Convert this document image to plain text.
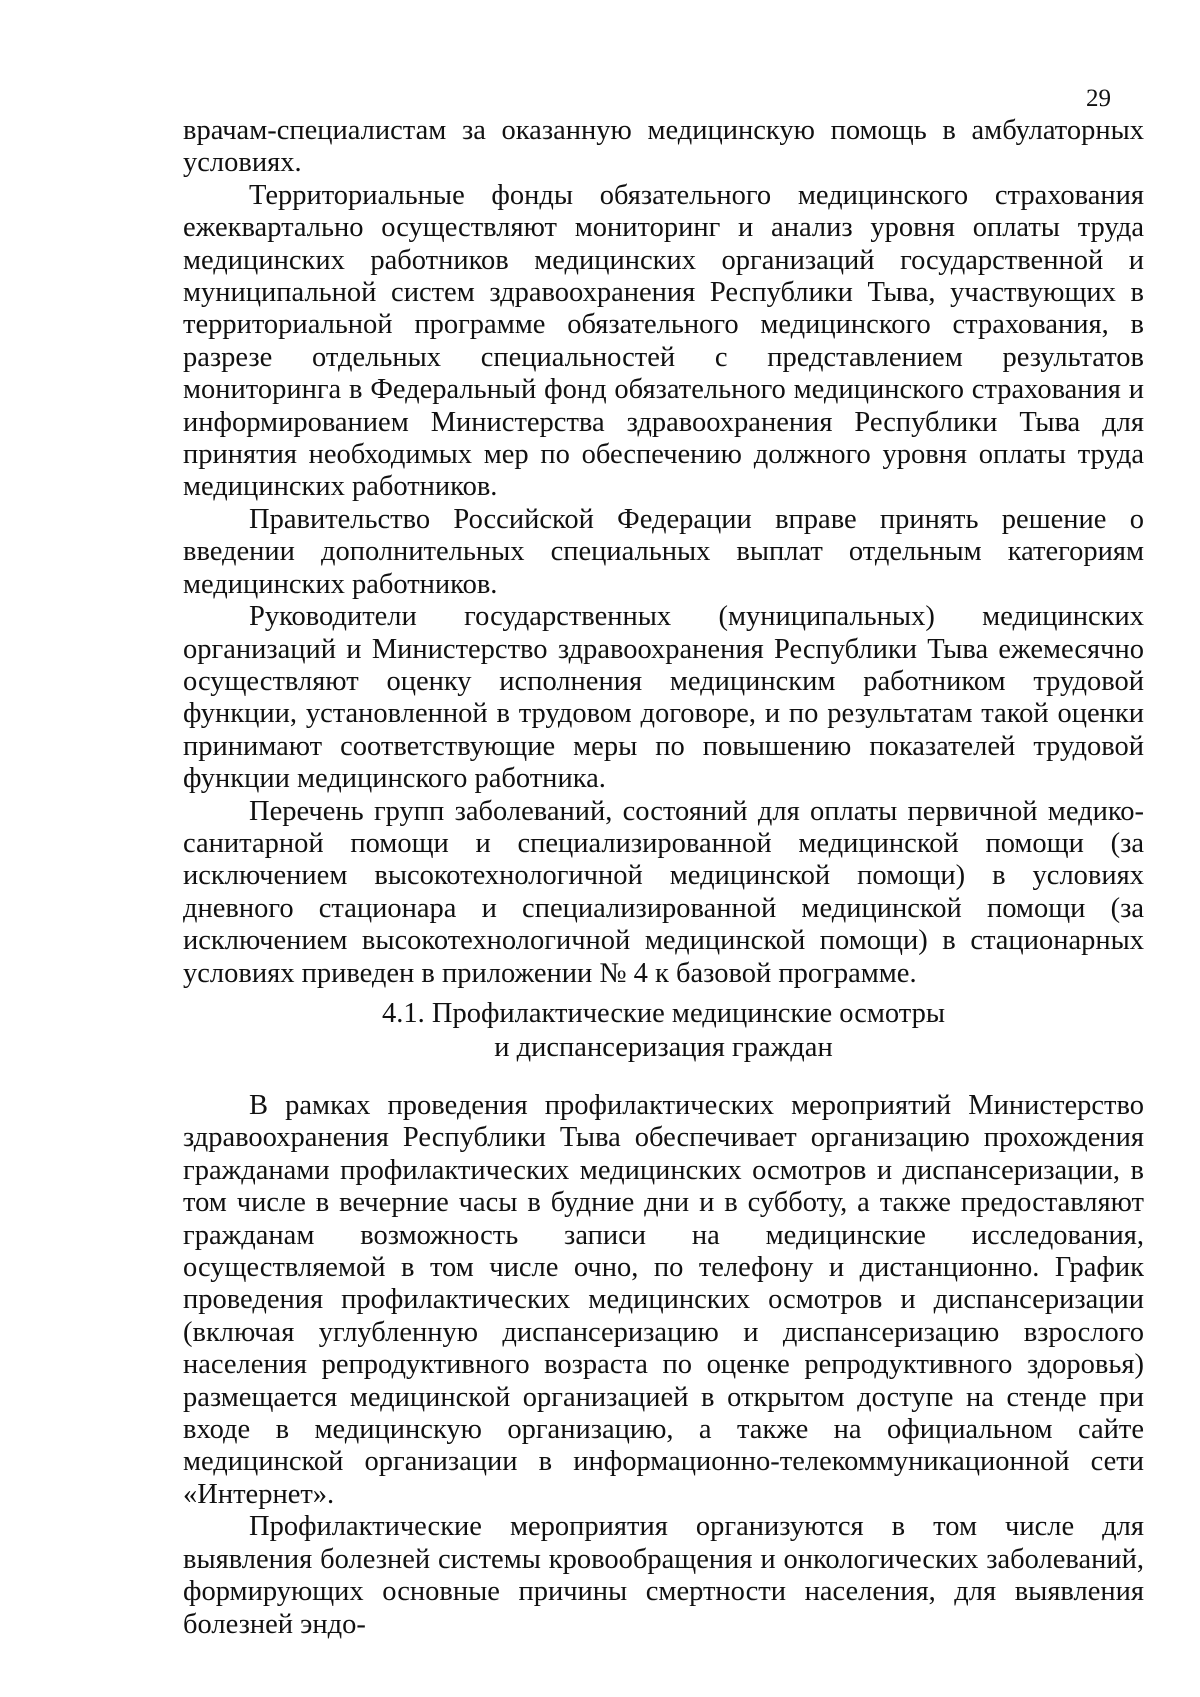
29

врачам-специалистам за оказанную медицинскую помощь в амбулаторных условиях.

Территориальные фонды обязательного медицинского страхования ежеквартально осуществляют мониторинг и анализ уровня оплаты труда медицинских работников медицинских организаций государственной и муниципальной систем здравоохранения Республики Тыва, участвующих в территориальной программе обязательного медицинского страхования, в разрезе отдельных специальностей с представлением результатов мониторинга в Федеральный фонд обязательного медицинского страхования и информированием Министерства здравоохранения Республики Тыва для принятия необходимых мер по обеспечению должного уровня оплаты труда медицинских работников.

Правительство Российской Федерации вправе принять решение о введении дополнительных специальных выплат отдельным категориям медицинских работников.

Руководители государственных (муниципальных) медицинских организаций и Министерство здравоохранения Республики Тыва ежемесячно осуществляют оценку исполнения медицинским работником трудовой функции, установленной в трудовом договоре, и по результатам такой оценки принимают соответствующие меры по повышению показателей трудовой функции медицинского работника.

Перечень групп заболеваний, состояний для оплаты первичной медико-санитарной помощи и специализированной медицинской помощи (за исключением высокотехнологичной медицинской помощи) в условиях дневного стационара и специализированной медицинской помощи (за исключением высокотехнологичной медицинской помощи) в стационарных условиях приведен в приложении № 4 к базовой программе.

4.1. Профилактические медицинские осмотры
и диспансеризация граждан

В рамках проведения профилактических мероприятий Министерство здравоохранения Республики Тыва обеспечивает организацию прохождения гражданами профилактических медицинских осмотров и диспансеризации, в том числе в вечерние часы в будние дни и в субботу, а также предоставляют гражданам возможность записи на медицинские исследования, осуществляемой в том числе очно, по телефону и дистанционно. График проведения профилактических медицинских осмотров и диспансеризации (включая углубленную диспансеризацию и диспансеризацию взрослого населения репродуктивного возраста по оценке репродуктивного здоровья) размещается медицинской организацией в открытом доступе на стенде при входе в медицинскую организацию, а также на официальном сайте медицинской организации в информационно-телекоммуникационной сети «Интернет».

Профилактические мероприятия организуются в том числе для выявления болезней системы кровообращения и онкологических заболеваний, формирующих основные причины смертности населения, для выявления болезней эндо-
